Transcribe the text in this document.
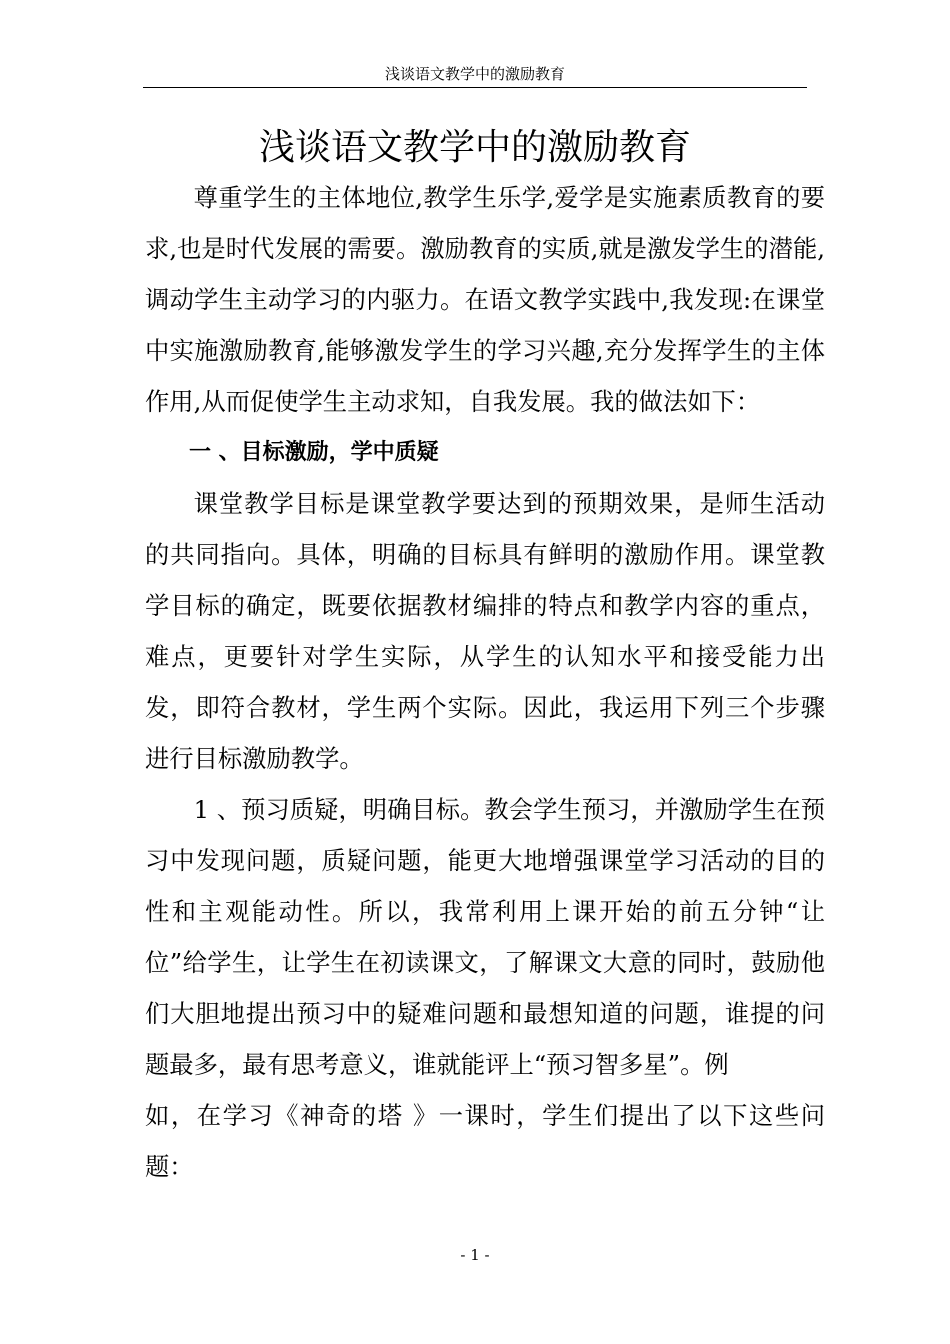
浅谈语文教学中的激励教育
浅谈语文教学中的激励教育

尊重学生的主体地位,教学生乐学,爱学是实施素质教育的要求,也是时代发展的需要。激励教育的实质,就是激发学生的潜能,调动学生主动学习的内驱力。在语文教学实践中,我发现:在课堂中实施激励教育,能够激发学生的学习兴趣,充分发挥学生的主体作用,从而促使学生主动求知，自我发展。我的做法如下：

一 、目标激励，学中质疑

课堂教学目标是课堂教学要达到的预期效果，是师生活动的共同指向。具体，明确的目标具有鲜明的激励作用。课堂教学目标的确定，既要依据教材编排的特点和教学内容的重点，难点，更要针对学生实际，从学生的认知水平和接受能力出发，即符合教材，学生两个实际。因此，我运用下列三个步骤进行目标激励教学。

1 、预习质疑，明确目标。教会学生预习，并激励学生在预习中发现问题，质疑问题，能更大地增强课堂学习活动的目的性和主观能动性。所以，我常利用上课开始的前五分钟“让位”给学生，让学生在初读课文，了解课文大意的同时，鼓励他们大胆地提出预习中的疑难问题和最想知道的问题，谁提的问题最多，最有思考意义，谁就能评上“预习智多星”。例

如，在学习《神奇的塔 》一课时，学生们提出了以下这些问题：

- 1 -
